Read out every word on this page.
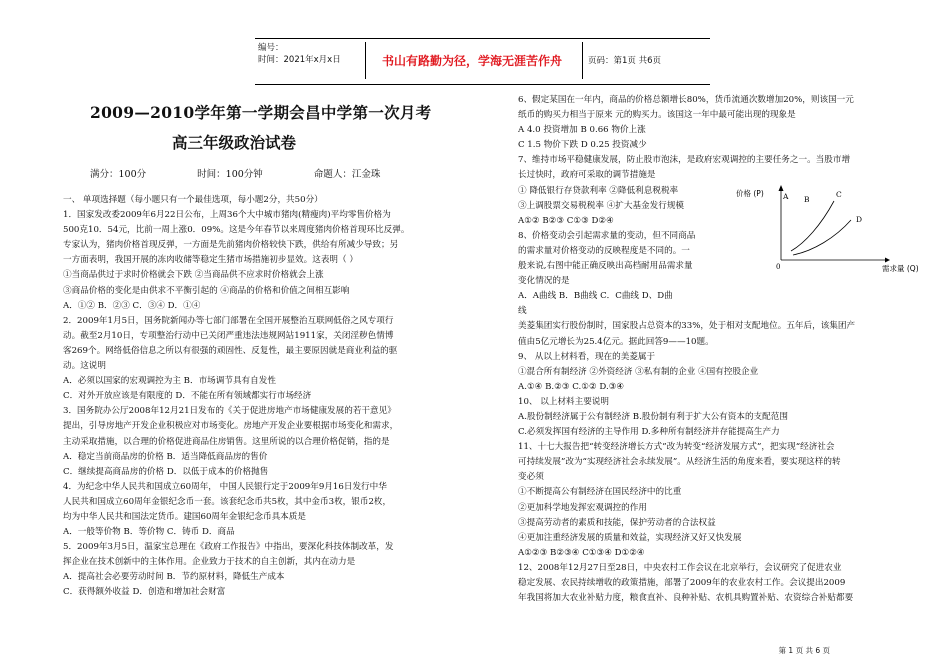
编号：
时间：2021年x月x日	书山有路勤为径，学海无涯苦作舟	页码：第1页 共6页
2009—2010学年第一学期会昌中学第一次月考
高三年级政治试卷
满分：100分	时间：100分钟	命题人：江金珠
一、 单项选择题（每小题只有一个最佳选项，每小题2分，共50分）
1．国家发改委2009年6月22日公布，上周36个大中城市猪肉(精瘦肉)平均零售价格为
500克10．54元，比前一周上涨0．09%。这是今年春节以来周度猪肉价格首现环比反弹。
专家认为，猪肉价格首现反弹，一方面是先前猪肉价格较快下跌，供给有所减少导致；另
一方面表明，我国开展的冻肉收储等稳定生猪市场措施初步显效。这表明（ ）
①当商品供过于求时价格就会下跌 ②当商品供不应求时价格就会上涨
③商品价格的变化是由供求不平衡引起的 ④商品的价格和价值之间相互影响
A．①② B．②③ C．③④ D．①④
2．2009年1月5日，国务院新闻办等七部门部署在全国开展整治互联网低俗之风专项行
动。截至2月10日，专项整治行动中已关闭严重违法违规网站1911家，关闭淫秽色情博
客269个。网络低俗信息之所以有很强的顽固性、反复性，最主要原因就是商业利益的驱
动。这说明
A．必须以国家的宏观调控为主 B．市场调节具有自发性
C．对外开放应该是有限度的 D．不能在所有领域都实行市场经济
3．国务院办公厅2008年12月21日发布的《关于促进房地产市场健康发展的若干意见》
提出，引导房地产开发企业积极应对市场变化。房地产开发企业要根据市场变化和需求，
主动采取措施，以合理的价格促进商品住房销售。这里所说的以合理价格促销，指的是
A．稳定当前商品房的价格 B．适当降低商品房的售价
C．继续提高商品房的价格 D．以低于成本的价格抛售
4．为纪念中华人民共和国成立60周年， 中国人民银行定于2009年9月16日发行中华
人民共和国成立60周年金银纪念币一套。该套纪念币共5枚，其中金币3枚，银币2枚，
均为中华人民共和国法定货币。建国60周年金银纪念币具本质是
A．一般等价物 B．等价物 C．铸币 D．商品
5．2009年3月5日，温家宝总理在《政府工作报告》中指出，要深化科技体制改革，发
挥企业在技术创新中的主体作用。企业致力于技术的自主创新，其内在动力是
A．提高社会必要劳动时间 B．节约原材料，降低生产成本
C．获得额外收益 D．创造和增加社会财富
6、假定某国在一年内，商品的价格总额增长80%，货币流通次数增加20%，则该国一元
纸币的购买力相当于原来 元的购买力。该国这一年中最可能出现的现象是
A 4.0 投资增加 B 0.66 物价上涨
C 1.5 物价下跌 D 0.25 投资减少
7、维持市场平稳健康发展，防止股市泡沫，是政府宏观调控的主要任务之一。当股市增
长过快时，政府可采取的调节措施是
① 降低银行存贷款利率 ②降低利息税税率
③上调股票交易税税率 ④扩大基金发行规模
A①② B②③ C①③ D②④
8、价格变动会引起需求量的变动，但不同商品
的需求量对价格变动的反映程度是不同的。一
般来说,右图中能正确反映出高档耐用品需求量
变化情况的是
A．A曲线 B．B曲线 C．C曲线 D、D曲
线
美菱集团实行股份制时，国家股占总资本的33%，处于相对支配地位。五年后，该集团产
值由5亿元增长为25.4亿元。据此回答9——10题。
9、 从以上材料看，现在的美菱属于
①混合所有制经济 ②外资经济 ③私有制的企业 ④国有控股企业
A.①④ B.②③ C.①② D.③④
10、 以上材料主要说明
A.股份制经济属于公有制经济 B.股份制有利于扩大公有资本的支配范围
C.必须发挥国有经济的主导作用 D.多种所有制经济并存能提高生产力
11、十七大报告把“转变经济增长方式”改为转变“经济发展方式”，把实现“经济社会
可持续发展”改为“实现经济社会永续发展”。从经济生活的角度来看，要实现这样的转
变必须
①不断提高公有制经济在国民经济中的比重
②更加科学地发挥宏观调控的作用
③提高劳动者的素质和技能，保护劳动者的合法权益
④更加注重经济发展的质量和效益，实现经济又好又快发展
A①②③ B②③④ C①③④ D①②④
12、2008年12月27日至28日，中央农村工作会议在北京举行，会议研究了促进农业
稳定发展、农民持续增收的政策措施，部署了2009年的农业农村工作。会议提出2009
年我国将加大农业补贴力度，粮食直补、良种补贴、农机具购置补贴、农资综合补贴都要
价格 (P)
需求量 (Q)
0
A B
C
D
第 1 页 共 6 页
